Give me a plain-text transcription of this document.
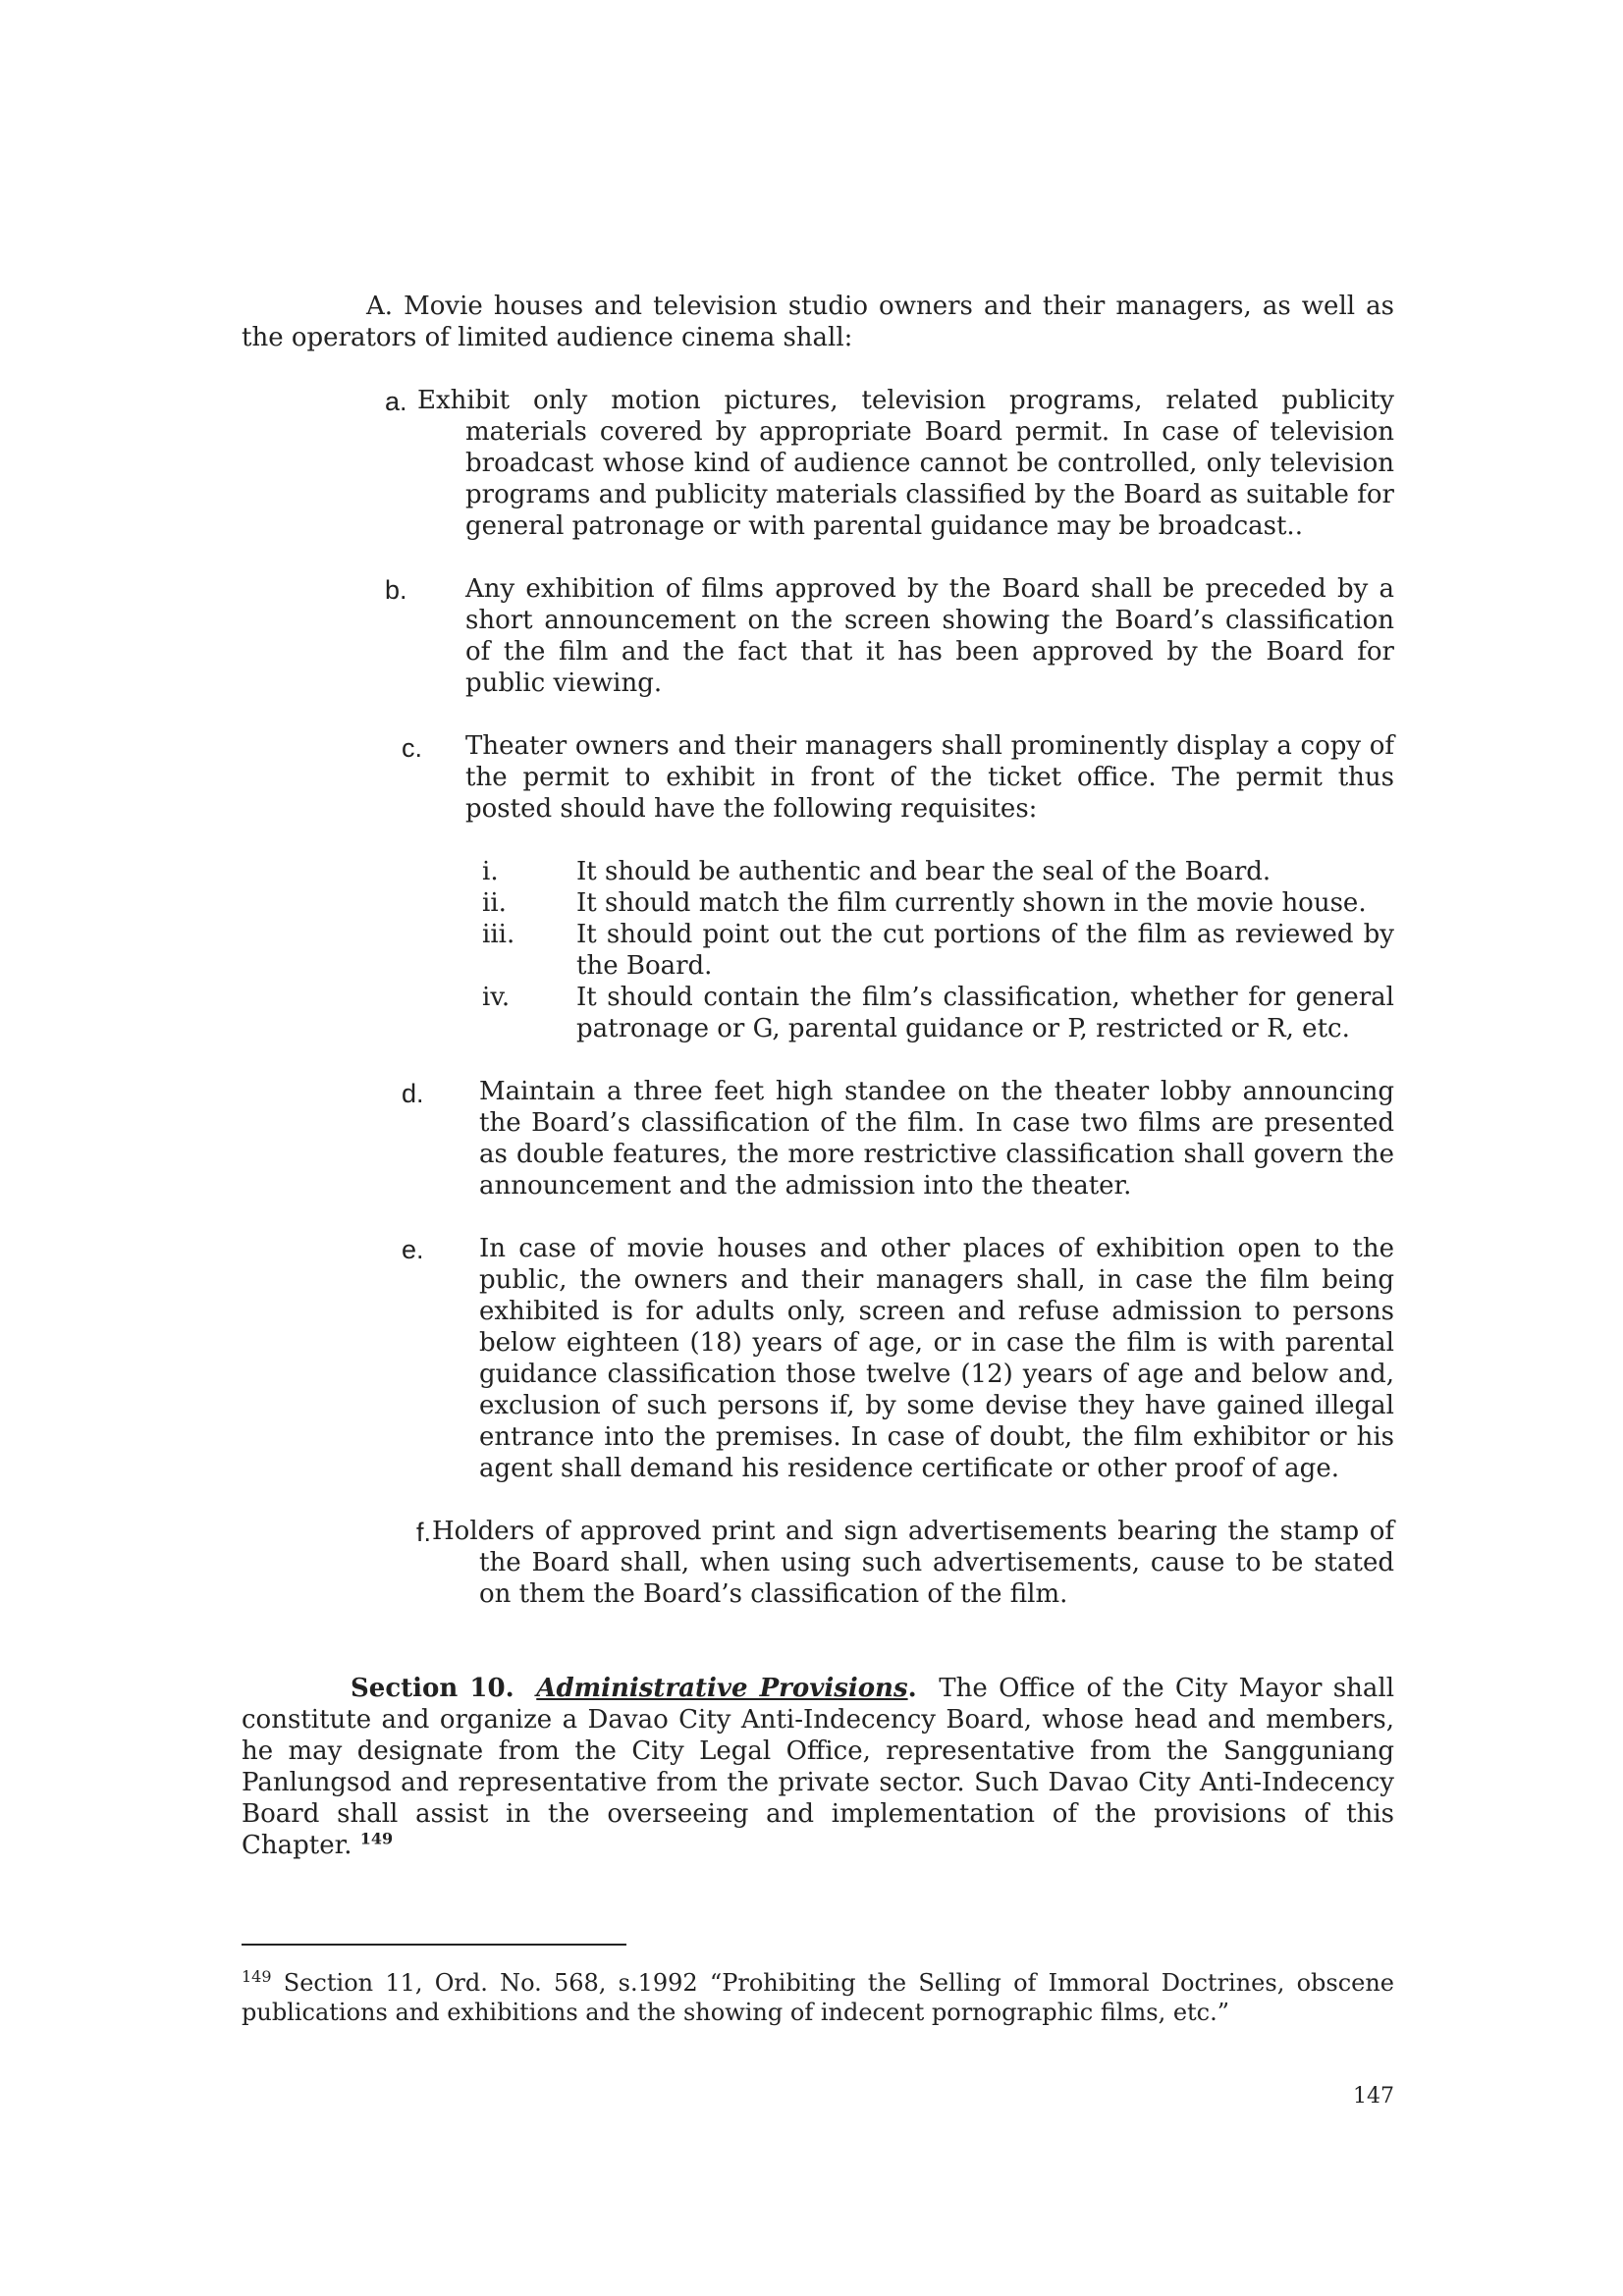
A. Movie houses and television studio owners and their managers, as well as
the operators of limited audience cinema shall:
a. Exhibit only motion pictures, television programs, related publicity
materials covered by appropriate Board permit. In case of television broadcast whose kind of audience cannot be controlled, only television programs and publicity materials classified by the Board as suitable for general patronage or with parental guidance may be broadcast..
b. Any exhibition of films approved by the Board shall be preceded by a short announcement on the screen showing the Board’s classification of the film and the fact that it has been approved by the Board for public viewing.
c. Theater owners and their managers shall prominently display a copy of the permit to exhibit in front of the ticket office. The permit thus posted should have the following requisites:
i.	It should be authentic and bear the seal of the Board.
ii.	It should match the film currently shown in the movie house.
iii. It should point out the cut portions of the film as reviewed by the Board.
iv.	It should contain the film’s classification, whether for general patronage or G, parental guidance or P, restricted or R, etc.
d. Maintain a three feet high standee on the theater lobby announcing the Board’s classification of the film. In case two films are presented as double features, the more restrictive classification shall govern the announcement and the admission into the theater.
e. In case of movie houses and other places of exhibition open to the public, the owners and their managers shall, in case the film being exhibited is for adults only, screen and refuse admission to persons below eighteen (18) years of age, or in case the film is with parental guidance classification those twelve (12) years of age and below and, exclusion of such persons if, by some devise they have gained illegal entrance into the premises. In case of doubt, the film exhibitor or his agent shall demand his residence certificate or other proof of age.
f. Holders of approved print and sign advertisements bearing the stamp of
the Board shall, when using such advertisements, cause to be stated on them the Board’s classification of the film.
Section 10. Administrative Provisions. The Office of the City Mayor shall
constitute and organize a Davao City Anti-Indecency Board, whose head and members, he may designate from the City Legal Office, representative from the Sangguniang Panlungsod and representative from the private sector. Such Davao City Anti-Indecency Board shall assist in the overseeing and implementation of the provisions of this Chapter. $^{149}$
$^{149}$ Section 11, Ord. No. 568, s.1992 “Prohibiting the Selling of Immoral Doctrines, obscene
publications and exhibitions and the showing of indecent pornographic films, etc.”
147
